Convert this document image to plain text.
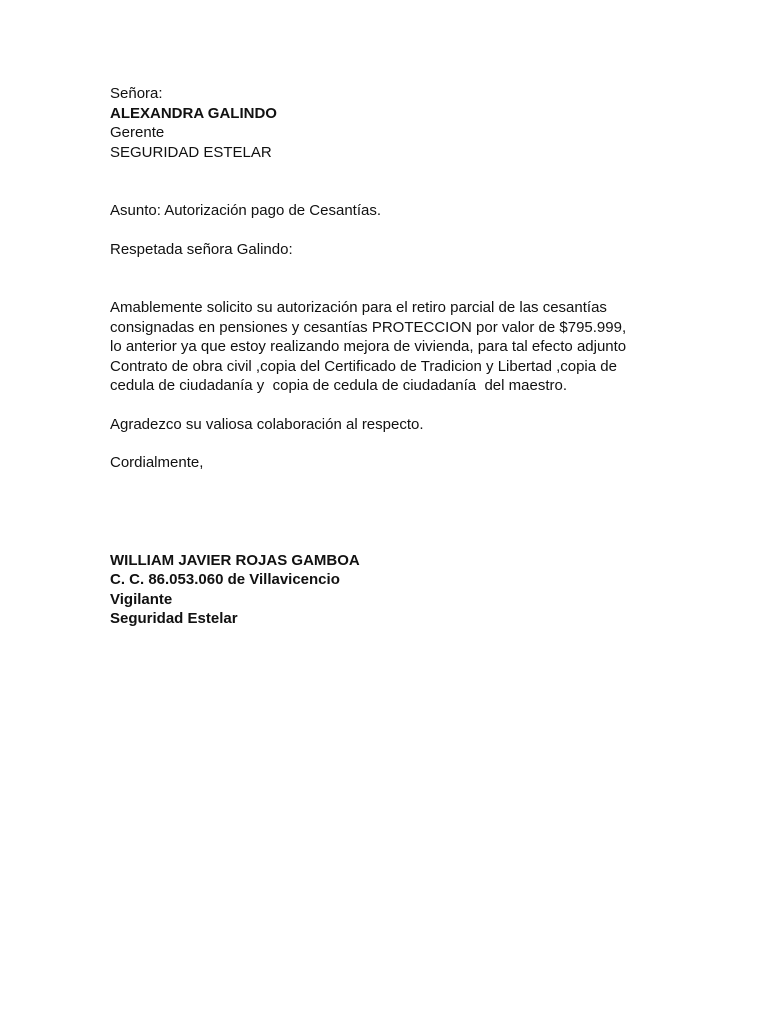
Señora:
ALEXANDRA GALINDO
Gerente
SEGURIDAD ESTELAR
Asunto: Autorización pago de Cesantías.
Respetada señora Galindo:
Amablemente solicito su autorización para el retiro parcial de las cesantías
consignadas en pensiones y cesantías PROTECCION por valor de $795.999,
lo anterior ya que estoy realizando mejora de vivienda, para tal efecto adjunto
Contrato de obra civil ,copia del Certificado de Tradicion y Libertad ,copia de
cedula de ciudadanía y  copia de cedula de ciudadanía  del maestro.
Agradezco su valiosa colaboración al respecto.
Cordialmente,
WILLIAM JAVIER ROJAS GAMBOA
C. C. 86.053.060 de Villavicencio
Vigilante
Seguridad Estelar
